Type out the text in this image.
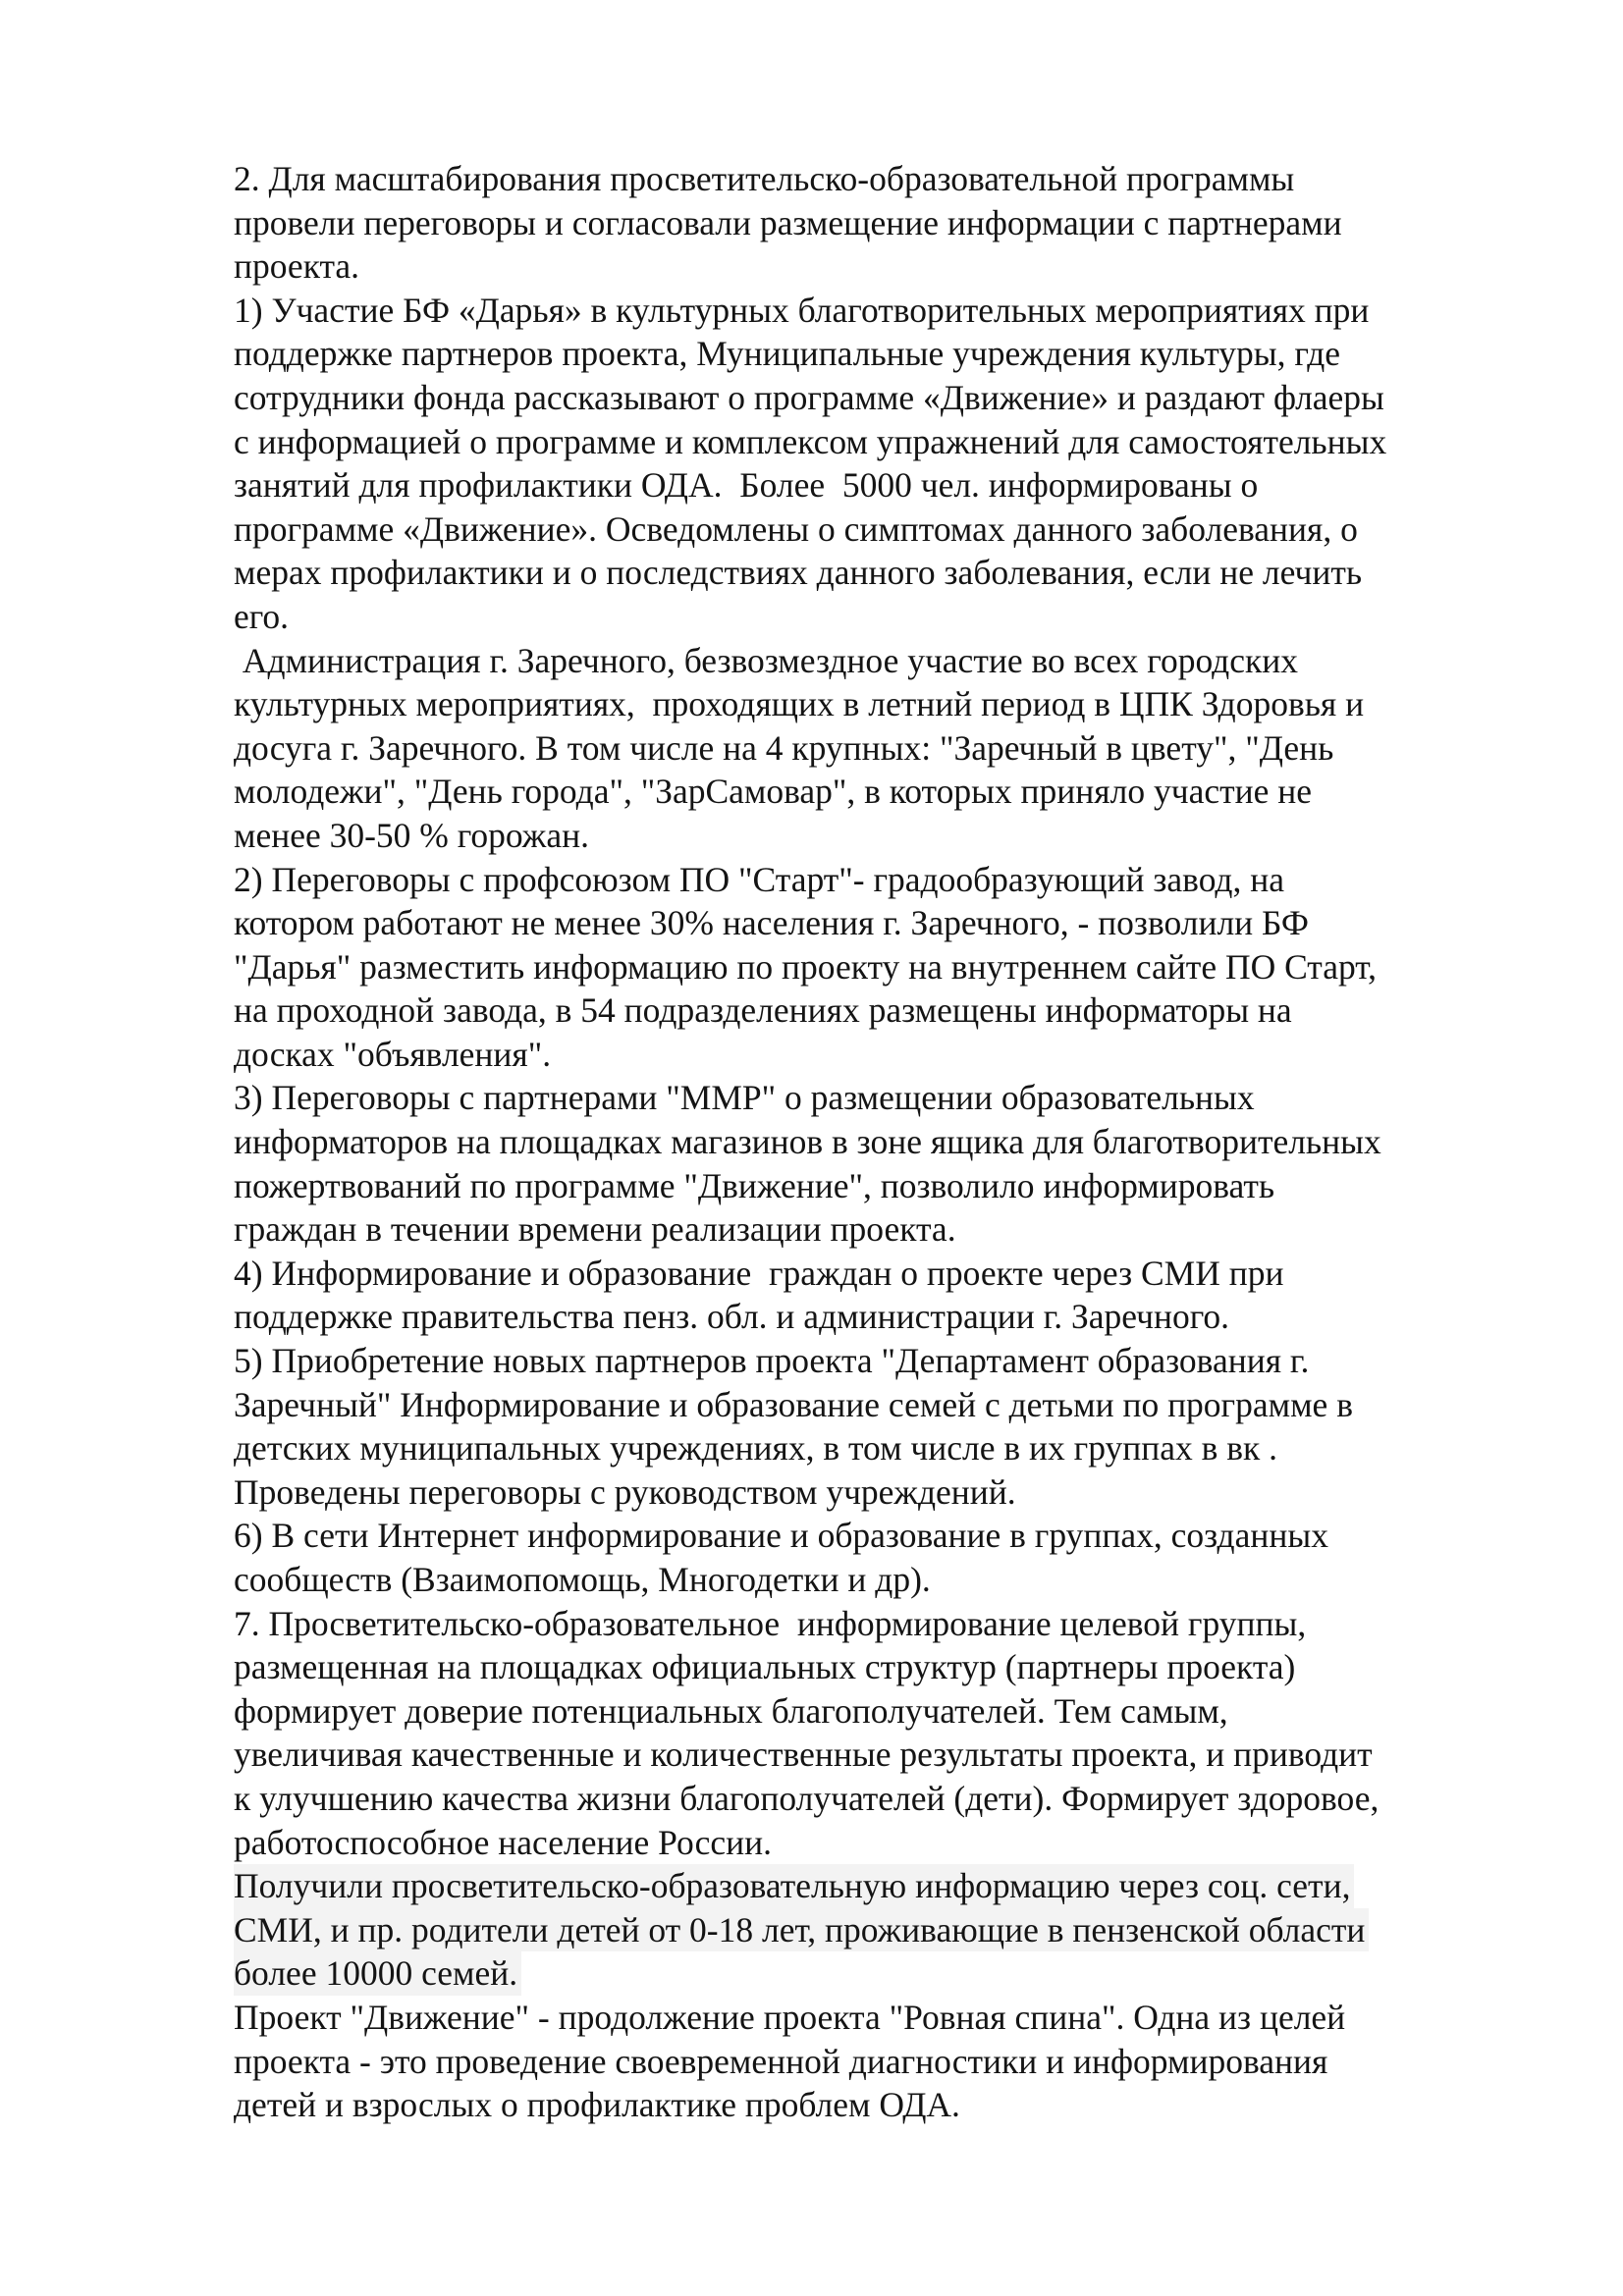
2. Для масштабирования просветительско-образовательной программы
провели переговоры и согласовали размещение информации с партнерами
проекта.
1) Участие БФ «Дарья» в культурных благотворительных мероприятиях при
поддержке партнеров проекта, Муниципальные учреждения культуры, где
сотрудники фонда рассказывают о программе «Движение» и раздают флаеры
с информацией о программе и комплексом упражнений для самостоятельных
занятий для профилактики ОДА.  Более  5000 чел. информированы о
программе «Движение». Осведомлены о симптомах данного заболевания, о
мерах профилактики и о последствиях данного заболевания, если не лечить
его.
Администрация г. Заречного, безвозмездное участие во всех городских
культурных мероприятиях,  проходящих в летний период в ЦПК Здоровья и
досуга г. Заречного. В том числе на 4 крупных: "Заречный в цвету", "День
молодежи", "День города", "ЗарСамовар", в которых приняло участие не
менее 30-50 % горожан.
2) Переговоры с профсоюзом ПО "Старт"- градообразующий завод, на
котором работают не менее 30% населения г. Заречного, - позволили БФ
"Дарья" разместить информацию по проекту на внутреннем сайте ПО Старт,
на проходной завода, в 54 подразделениях размещены информаторы на
досках "объявления".
3) Переговоры с партнерами "ММР" о размещении образовательных
информаторов на площадках магазинов в зоне ящика для благотворительных
пожертвований по программе "Движение", позволило информировать
граждан в течении времени реализации проекта.
4) Информирование и образование  граждан о проекте через СМИ при
поддержке правительства пенз. обл. и администрации г. Заречного.
5) Приобретение новых партнеров проекта "Департамент образования г.
Заречный" Информирование и образование семей с детьми по программе в
детских муниципальных учреждениях, в том числе в их группах в вк .
Проведены переговоры с руководством учреждений.
6) В сети Интернет информирование и образование в группах, созданных
сообществ (Взаимопомощь, Многодетки и др).
7. Просветительско-образовательное  информирование целевой группы,
размещенная на площадках официальных структур (партнеры проекта)
формирует доверие потенциальных благополучателей. Тем самым,
увеличивая качественные и количественные результаты проекта, и приводит
к улучшению качества жизни благополучателей (дети). Формирует здоровое,
работоспособное население России.
Получили просветительско-образовательную информацию через соц. сети,
СМИ, и пр. родители детей от 0-18 лет, проживающие в пензенской области
более 10000 семей.
Проект "Движение" - продолжение проекта "Ровная спина". Одна из целей
проекта - это проведение своевременной диагностики и информирования
детей и взрослых о профилактике проблем ОДА.
